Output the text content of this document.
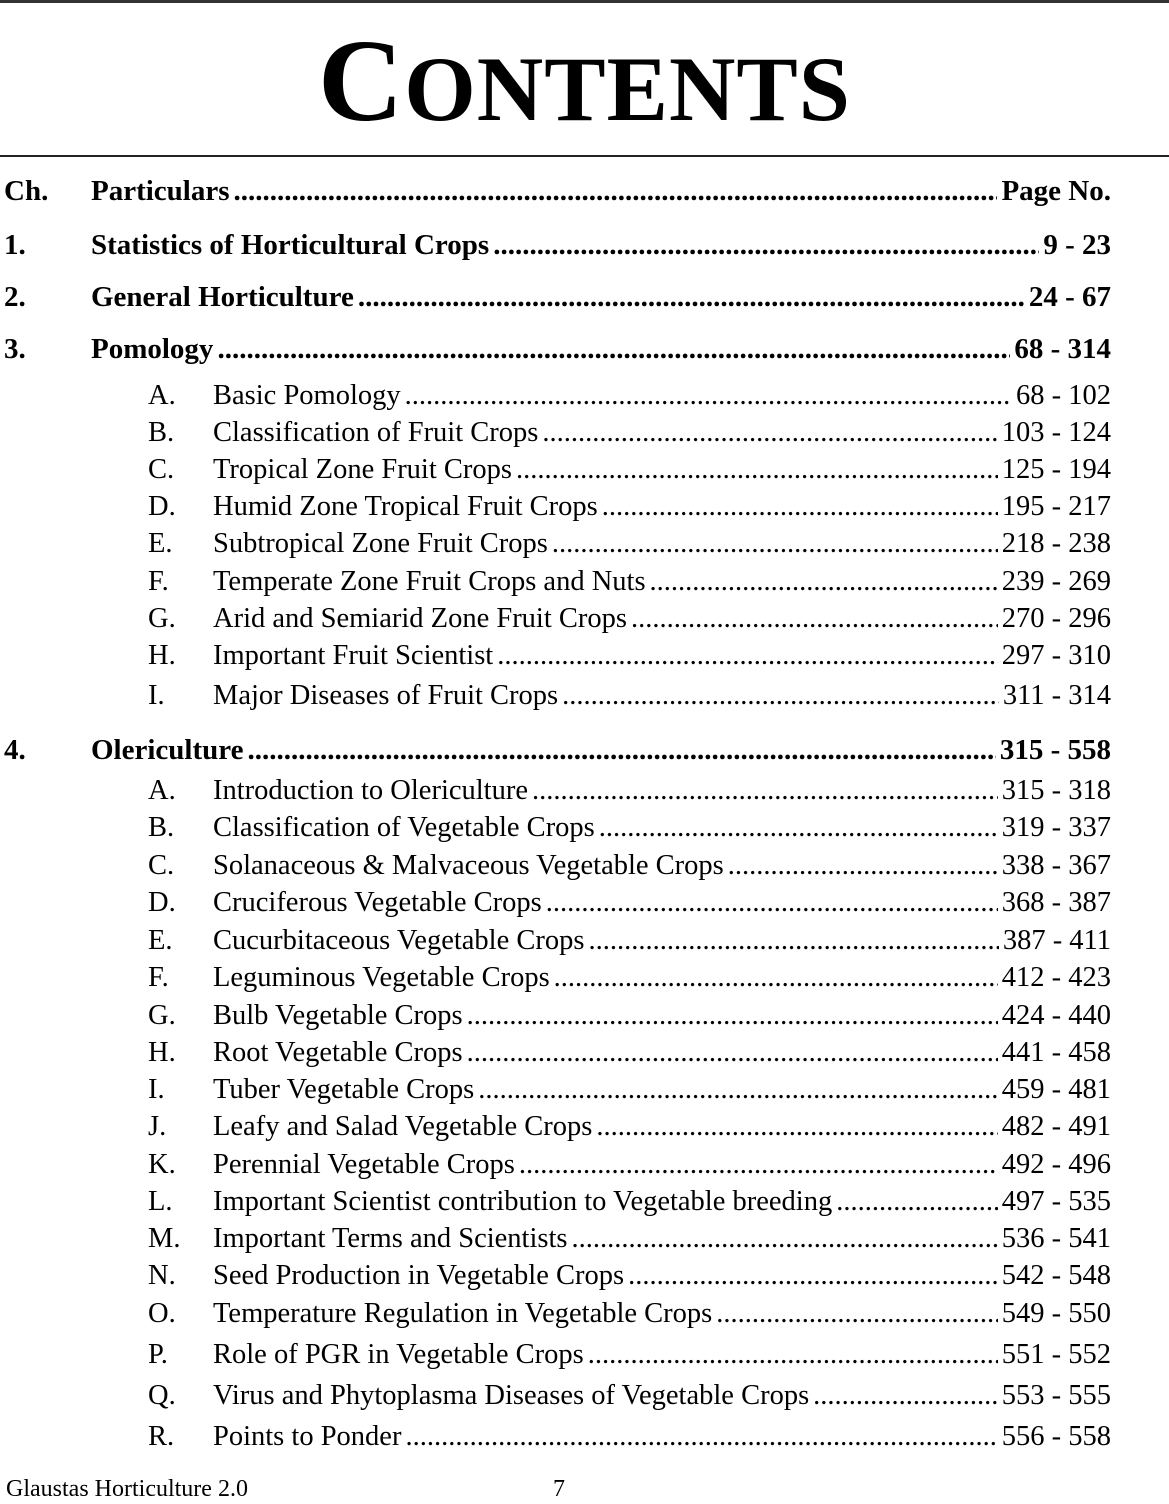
CONTENTS
Ch. Particulars .....	Page No.
1. Statistics of Horticultural Crops .....	9 - 23
2. General Horticulture .....	24 - 67
3. Pomology .....	68 - 314
A. Basic Pomology .....	68 - 102
B. Classification of Fruit Crops .....	103 - 124
C. Tropical Zone Fruit Crops .....	125 - 194
D. Humid Zone Tropical Fruit Crops .....	195 - 217
E. Subtropical Zone Fruit Crops .....	218 - 238
F. Temperate Zone Fruit Crops and Nuts .....	239 - 269
G. Arid and Semiarid Zone Fruit Crops .....	270 - 296
H. Important Fruit Scientist .....	297 - 310
I. Major Diseases of Fruit Crops .....	311 - 314
4. Olericulture .....	315 - 558
A. Introduction to Olericulture .....	315 - 318
B. Classification of Vegetable Crops .....	319 - 337
C. Solanaceous & Malvaceous Vegetable Crops .....	338 - 367
D. Cruciferous Vegetable Crops .....	368 - 387
E. Cucurbitaceous Vegetable Crops .....	387 - 411
F. Leguminous Vegetable Crops .....	412 - 423
G. Bulb Vegetable Crops .....	424 - 440
H. Root Vegetable Crops .....	441 - 458
I. Tuber Vegetable Crops .....	459 - 481
J. Leafy and Salad Vegetable Crops .....	482 - 491
K. Perennial Vegetable Crops .....	492 - 496
L. Important Scientist contribution to Vegetable breeding .....	497 - 535
M. Important Terms and Scientists .....	536 - 541
N. Seed Production in Vegetable Crops .....	542 - 548
O. Temperature Regulation in Vegetable Crops .....	549 - 550
P. Role of PGR in Vegetable Crops .....	551 - 552
Q. Virus and Phytoplasma Diseases of Vegetable Crops .....	553 - 555
R. Points to Ponder .....	556 - 558
Glaustas Horticulture 2.0	7
